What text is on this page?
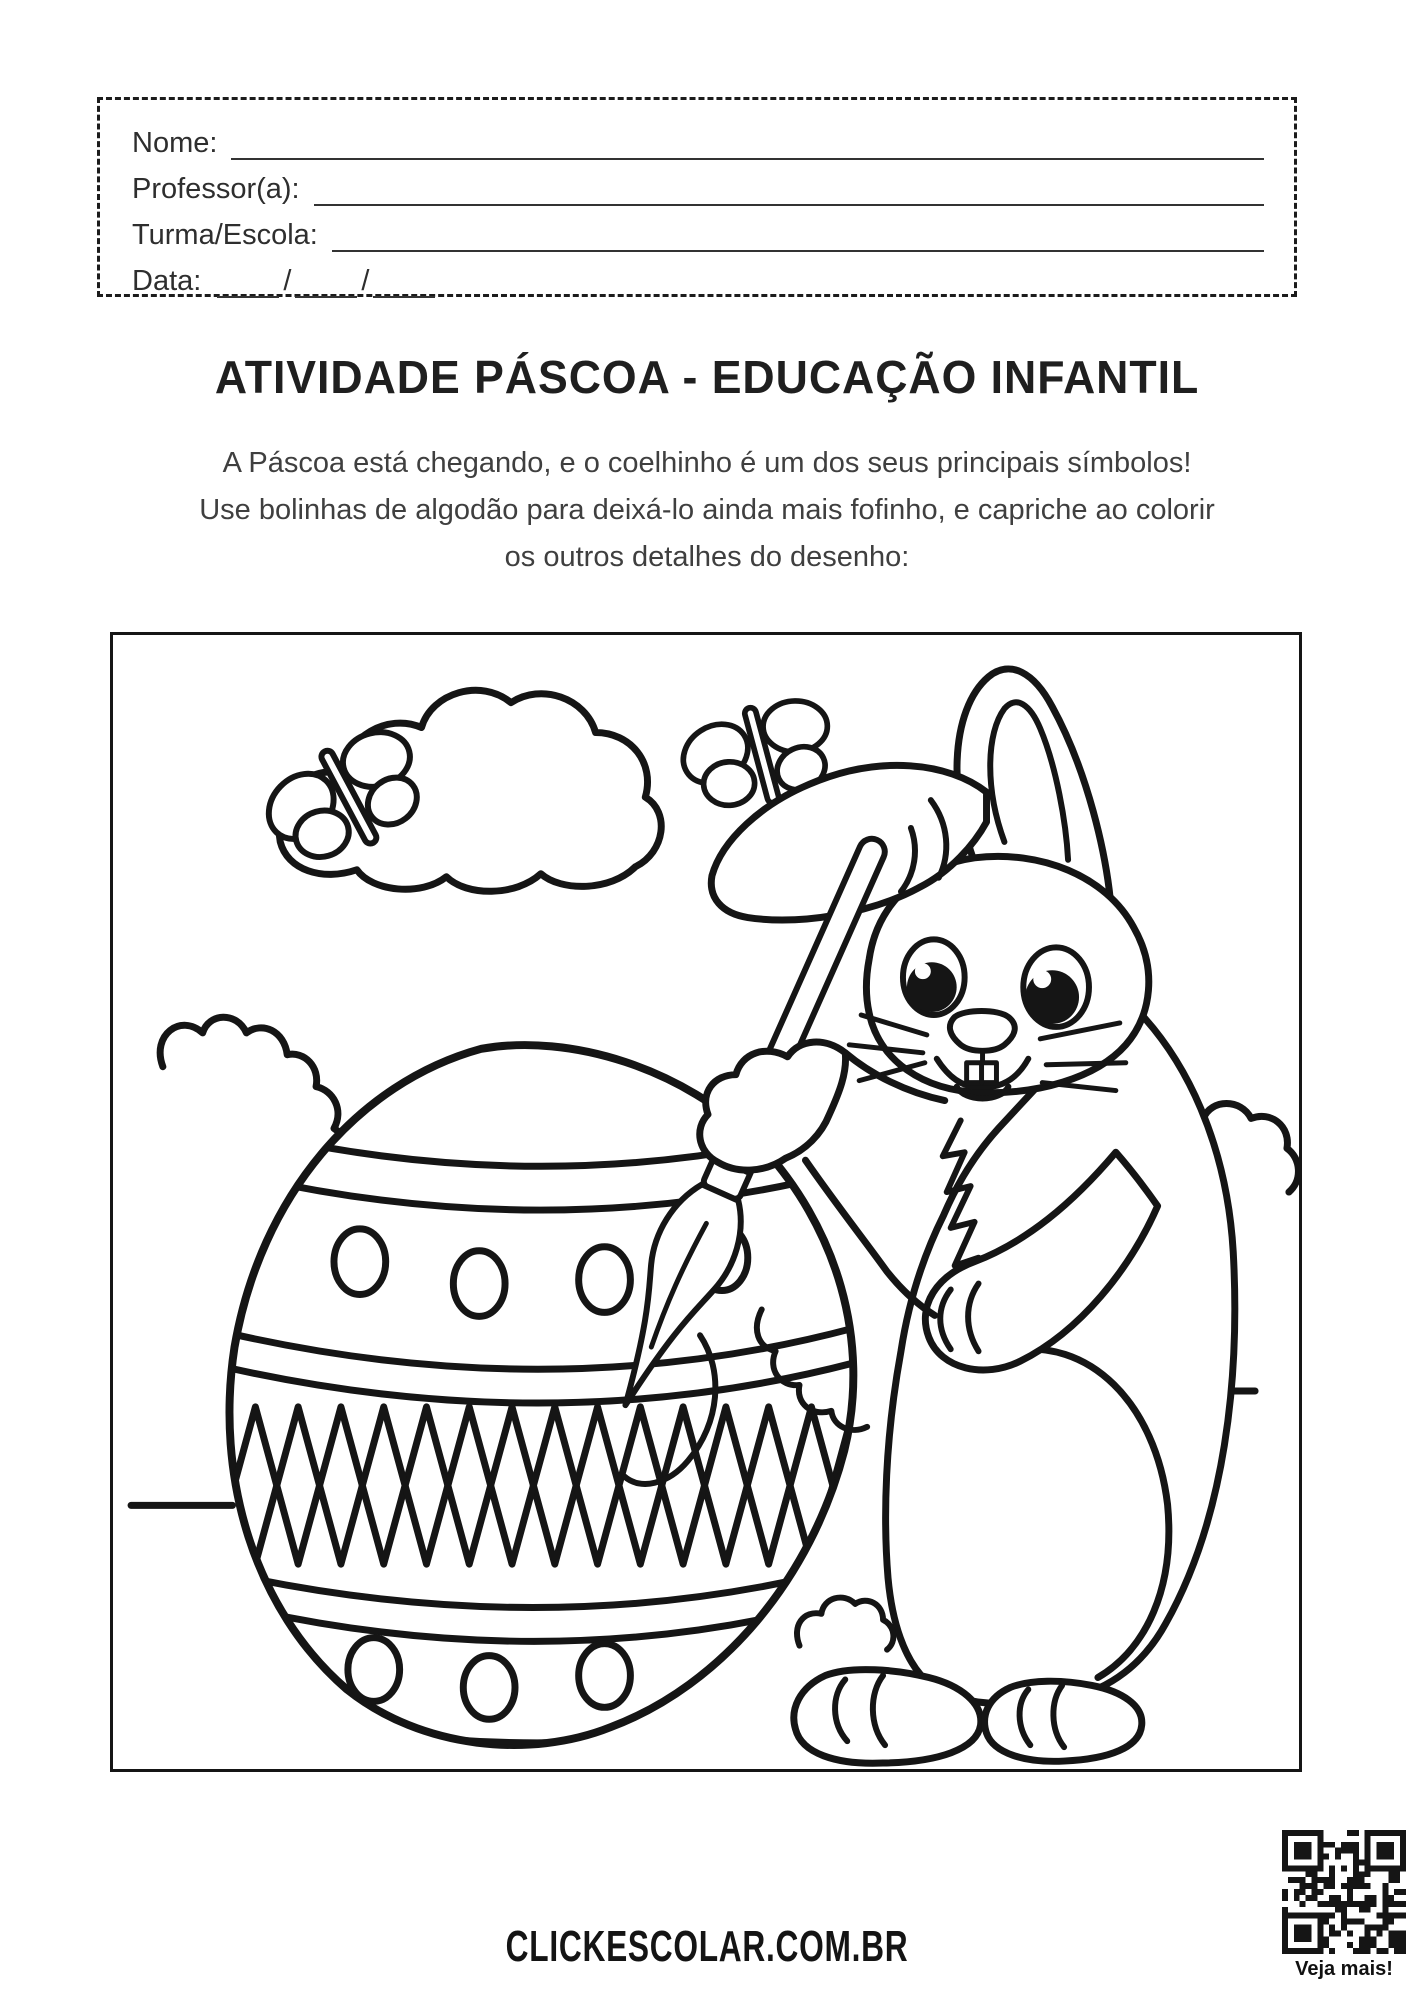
Nome:
Professor(a):
Turma/Escola:
Data:	/ /
ATIVIDADE PÁSCOA - EDUCAÇÃO INFANTIL
A Páscoa está chegando, e o coelhinho é um dos seus principais símbolos!
Use bolinhas de algodão para deixá-lo ainda mais fofinho, e capriche ao colorir
os outros detalhes do desenho:
CLICKESCOLAR.COM.BR	Veja mais!
